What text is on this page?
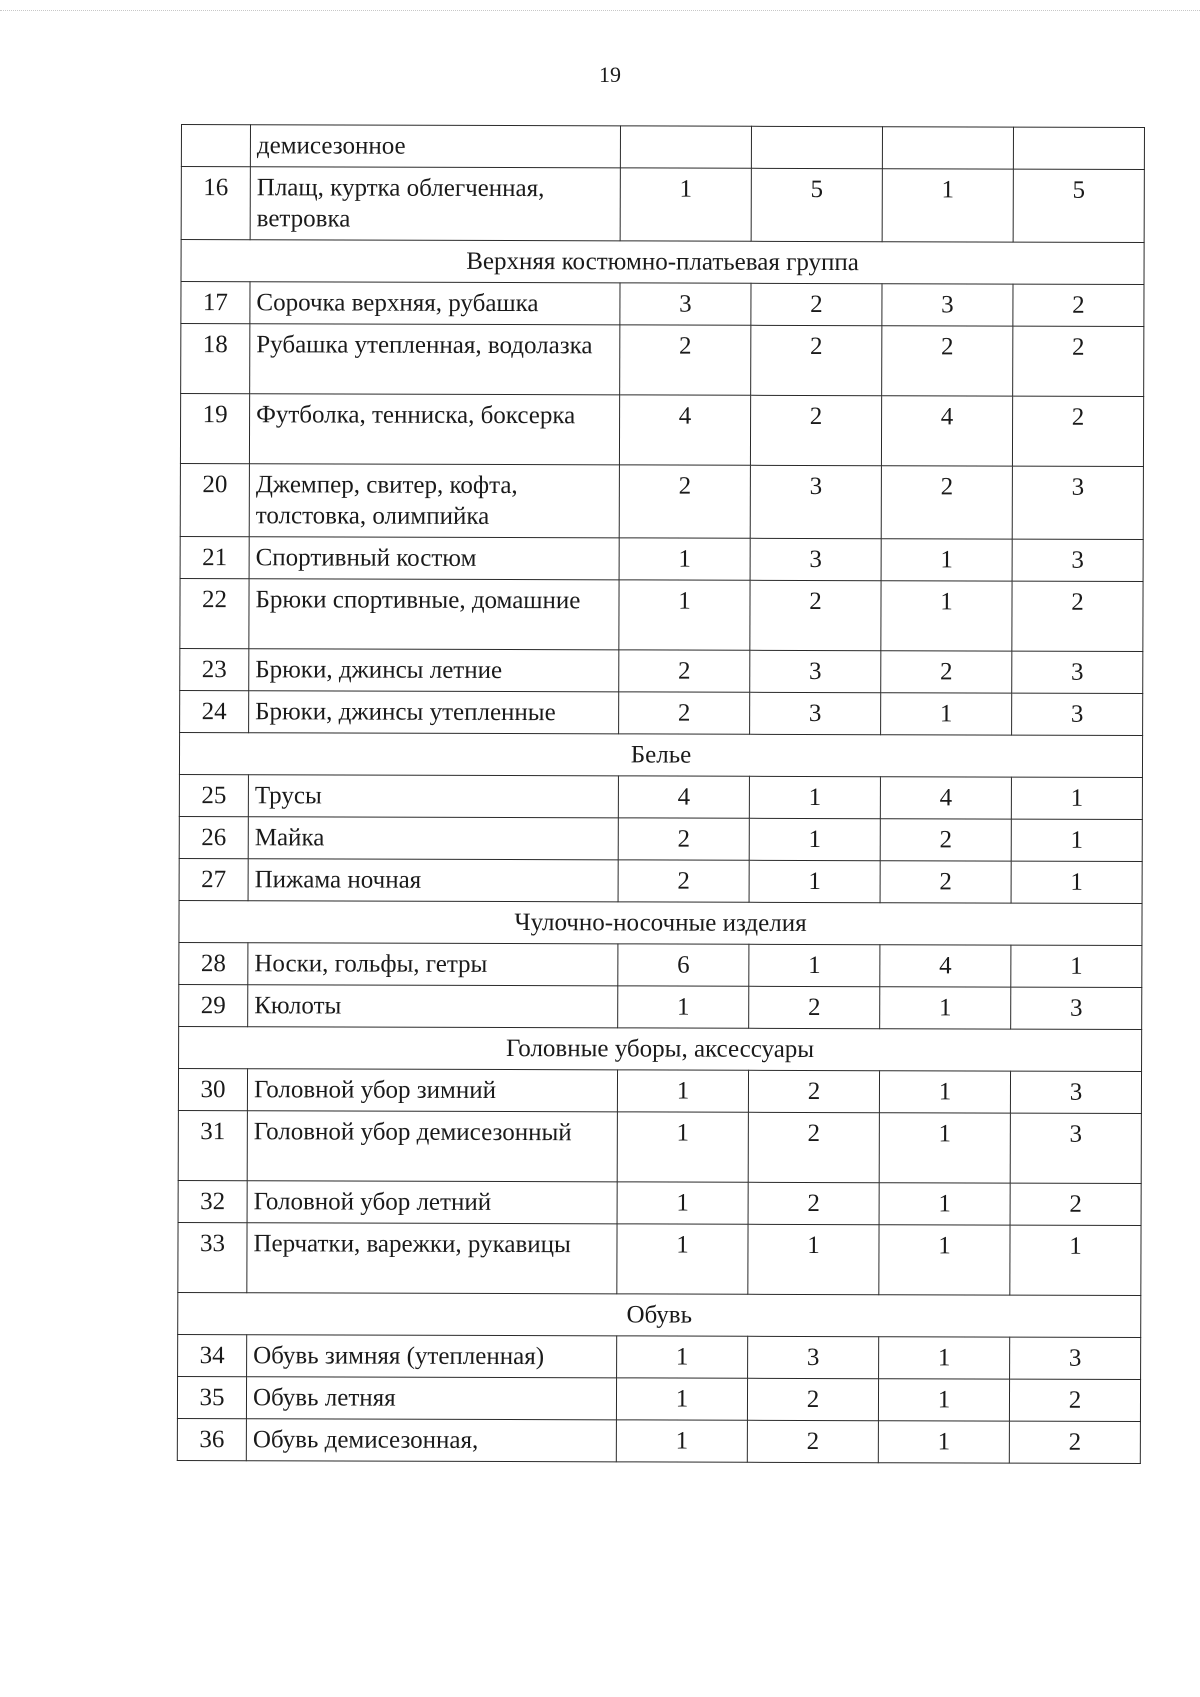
19
	демисезонное				
16	Плащ, куртка облегченная, ветровка	1	5	1	5
Верхняя костюмно-платьевая группа					
17	Сорочка верхняя, рубашка	3	2	3	2
18	Рубашка утепленная, водолазка	2	2	2	2
19	Футболка, тенниска, боксерка	4	2	4	2
20	Джемпер, свитер, кофта, толстовка, олимпийка	2	3	2	3
21	Спортивный костюм	1	3	1	3
22	Брюки спортивные, домашние	1	2	1	2
23	Брюки, джинсы летние	2	3	2	3
24	Брюки, джинсы утепленные	2	3	1	3
Белье					
25	Трусы	4	1	4	1
26	Майка	2	1	2	1
27	Пижама ночная	2	1	2	1
Чулочно-носочные изделия					
28	Носки, гольфы, гетры	6	1	4	1
29	Кюлоты	1	2	1	3
Головные уборы, аксессуары					
30	Головной убор зимний	1	2	1	3
31	Головной убор демисезонный	1	2	1	3
32	Головной убор летний	1	2	1	2
33	Перчатки, варежки, рукавицы	1	1	1	1
Обувь					
34	Обувь зимняя (утепленная)	1	3	1	3
35	Обувь летняя	1	2	1	2
36	Обувь демисезонная,	1	2	1	2
